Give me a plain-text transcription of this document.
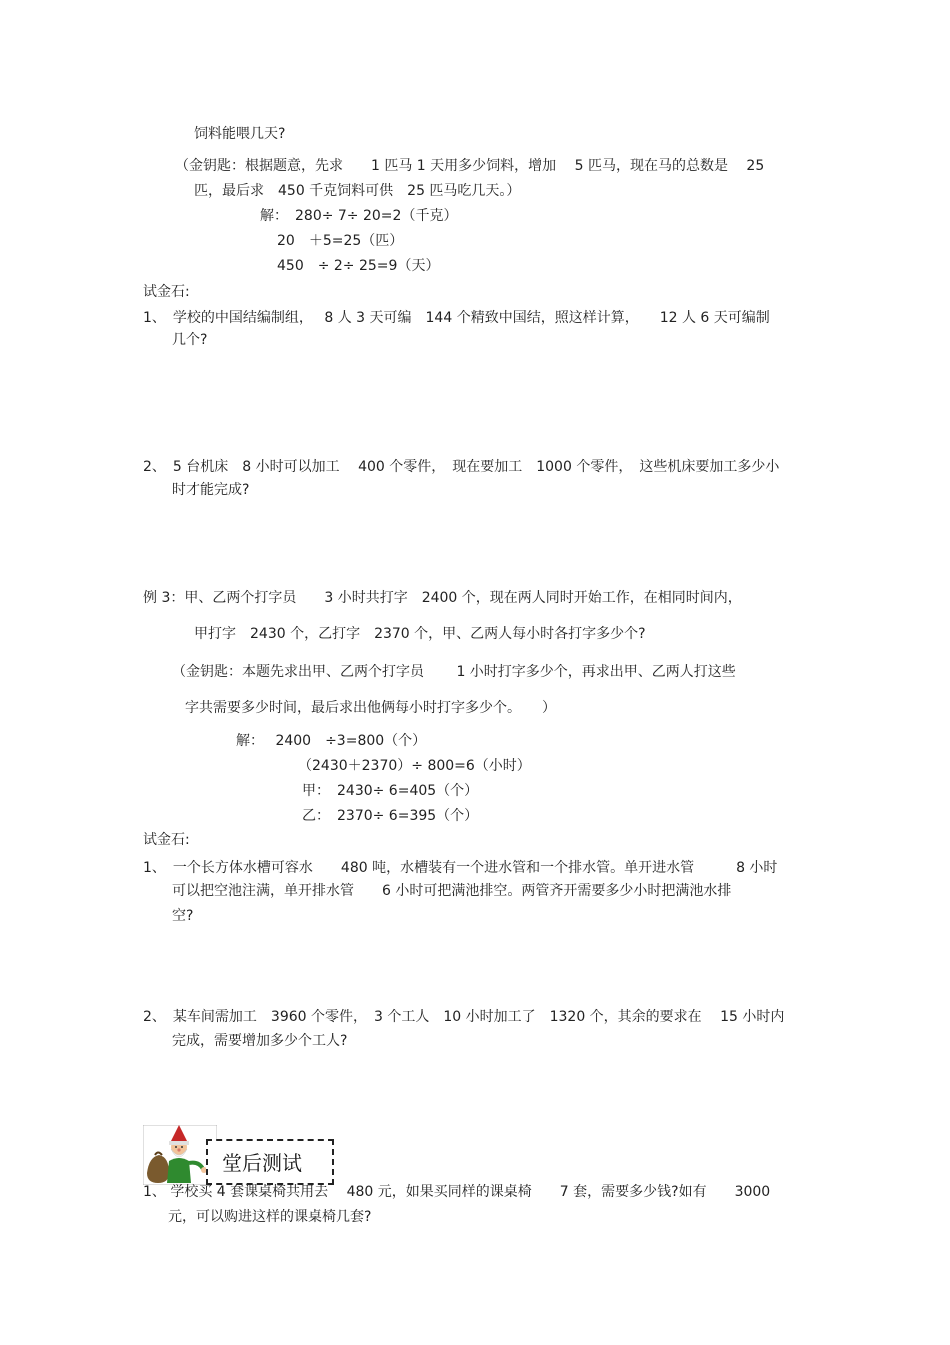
饲料能喂几天?
（金钥匙：根据题意，先求　　1 匹马 1 天用多少饲料，增加　 5 匹马，现在马的总数是　 25
匹，最后求　450 千克饲料可供　25 匹马吃几天。）
解：　280÷ 7÷ 20=2（千克）
20　＋5=25（匹）
450　÷ 2÷ 25=9（天）
试金石:
1、　学校的中国结编制组，　 8 人 3 天可编　144 个精致中国结，照这样计算，　　12 人 6 天可编制
几个?
2、　5 台机床　8 小时可以加工　 400 个零件，　现在要加工　1000 个零件，　这些机床要加工多少小
时才能完成?
例 3：甲、乙两个打字员　　3 小时共打字　2400 个，现在两人同时开始工作，在相同时间内，
甲打字　2430 个，乙打字　2370 个，甲、乙两人每小时各打字多少个?
（金钥匙：本题先求出甲、乙两个打字员　　 1 小时打字多少个，再求出甲、乙两人打这些
字共需要多少时间，最后求出他俩每小时打字多少个。　　）
解：　 2400　÷3=800（个）
（2430＋2370）÷ 800=6（小时）
甲：　2430÷ 6=405（个）
乙：　2370÷ 6=395（个）
试金石:
1、　一个长方体水槽可容水　　480 吨，水槽装有一个进水管和一个排水管。单开进水管　　　8 小时
可以把空池注满，单开排水管　　6 小时可把满池排空。两管齐开需要多少小时把满池水排
空?
2、　某车间需加工　3960 个零件，　3 个工人　10 小时加工了　1320 个，其余的要求在　 15 小时内
完成，需要增加多少个工人?
堂后测试
1、 学校买 4 套课桌椅共用去　 480 元，如果买同样的课桌椅　　7 套，需要多少钱?如有　　3000
元，可以购进这样的课桌椅几套?
